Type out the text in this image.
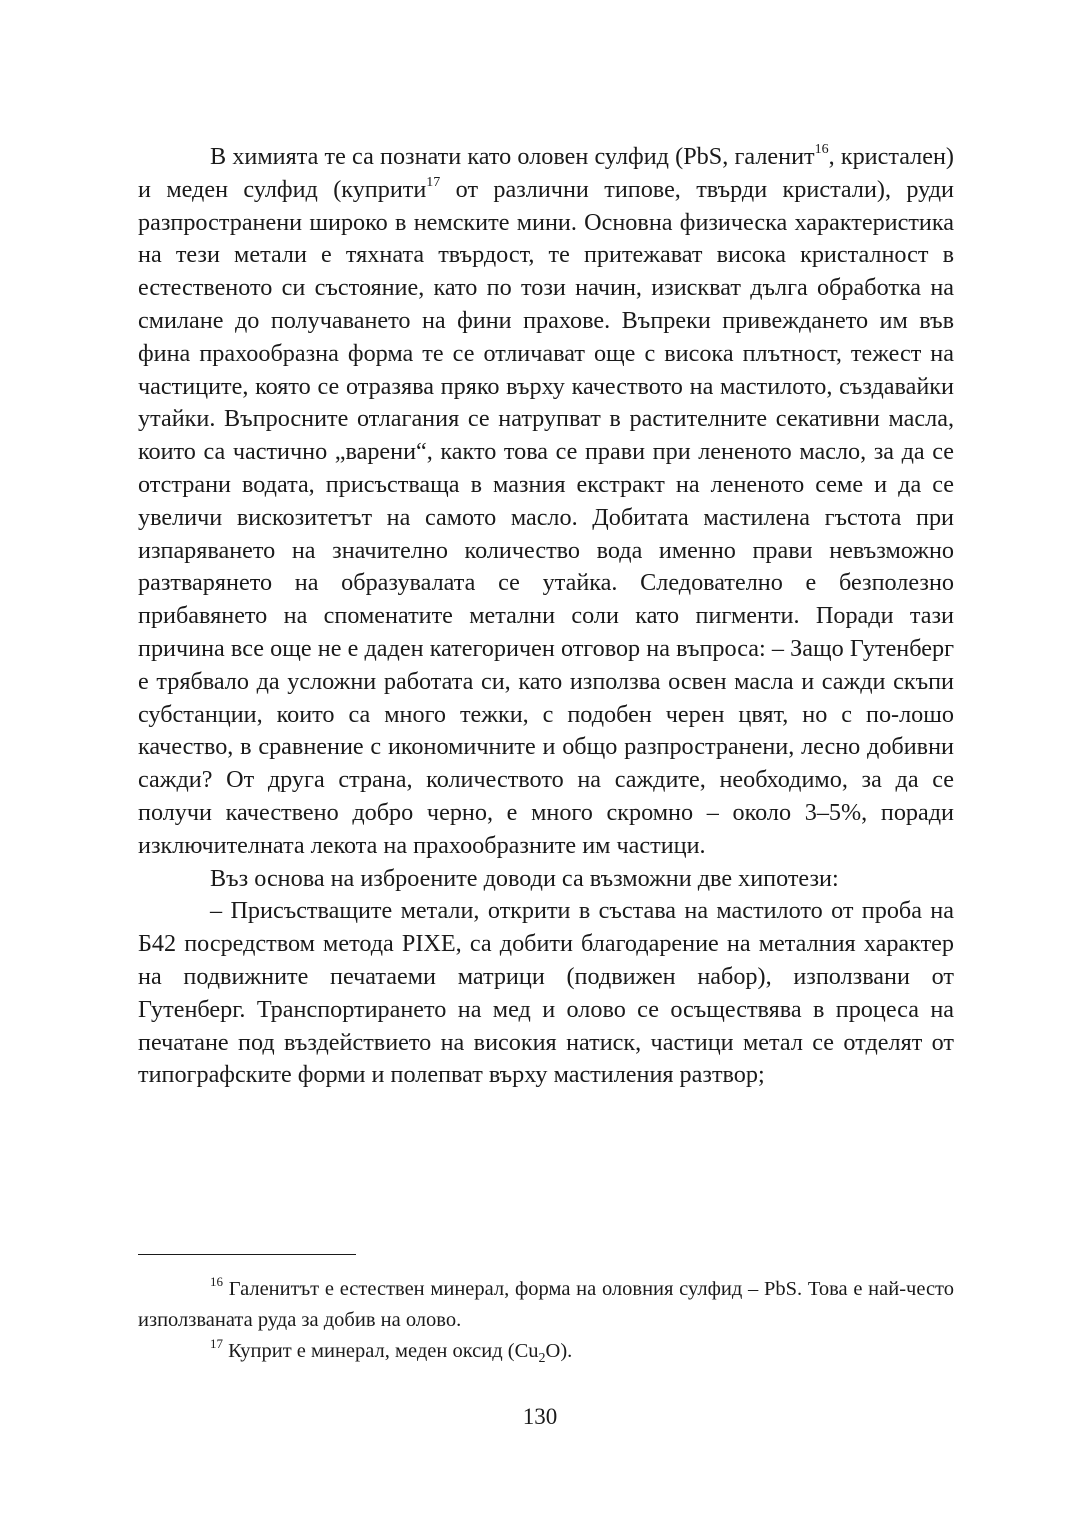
В химията те са познати като оловен сулфид (PbS, галенит$^{16}$, кристален) и меден сулфид (куприти$^{17}$ от различни типове, твърди кристали), руди разпространени широко в немските мини. Основна физическа характеристика на тези метали е тяхната твърдост, те притежават висока кристалност в естественото си състояние, като по този начин, изискват дълга обработка на смилане до получаването на фини прахове. Въпреки привеждането им във фина прахообразна форма те се отличават още с висока плътност, тежест на частиците, която се отразява пряко върху качеството на мастилото, създавайки утайки. Въпросните отлагания се натрупват в растителните секативни масла, които са частично „варени“, както това се прави при лененото масло, за да се отстрани водата, присъстваща в мазния екстракт на лененото семе и да се увеличи вискозитетът на самото масло. Добитата мастилена гъстота при изпаряването на значително количество вода именно прави невъзможно разтварянето на образувалата се утайка. Следователно е безполезно прибавянето на споменатите метални соли като пигменти. Поради тази причина все още не е даден категоричен отговор на въпроса: – Защо Гутенберг е трябвало да усложни работата си, като използва освен масла и сажди скъпи субстанции, които са много тежки, с подобен черен цвят, но с по-лошо качество, в сравнение с икономичните и общо разпространени, лесно добивни сажди? От друга страна, количеството на саждите, необходимо, за да се получи качествено добро черно, е много скромно – около 3–5%, поради изключителната лекота на прахообразните им частици.

Въз основа на изброените доводи са възможни две хипотези:

– Присъстващите метали, открити в състава на мастилото от проба на Б42 посредством метода PIXE, са добити благодарение на металния характер на подвижните печатаеми матрици (подвижен набор), използвани от Гутенберг. Транспортирането на мед и олово се осъществява в процеса на печатане под въздействието на високия натиск, частици метал се отделят от типографските форми и полепват върху мастиления разтвор;

$^{16}$ Галенитът е естествен минерал, форма на оловния сулфид – PbS. Това е най-често използваната руда за добив на олово.

$^{17}$ Куприт е минерал, меден оксид $(Cu_2O)$.

130
